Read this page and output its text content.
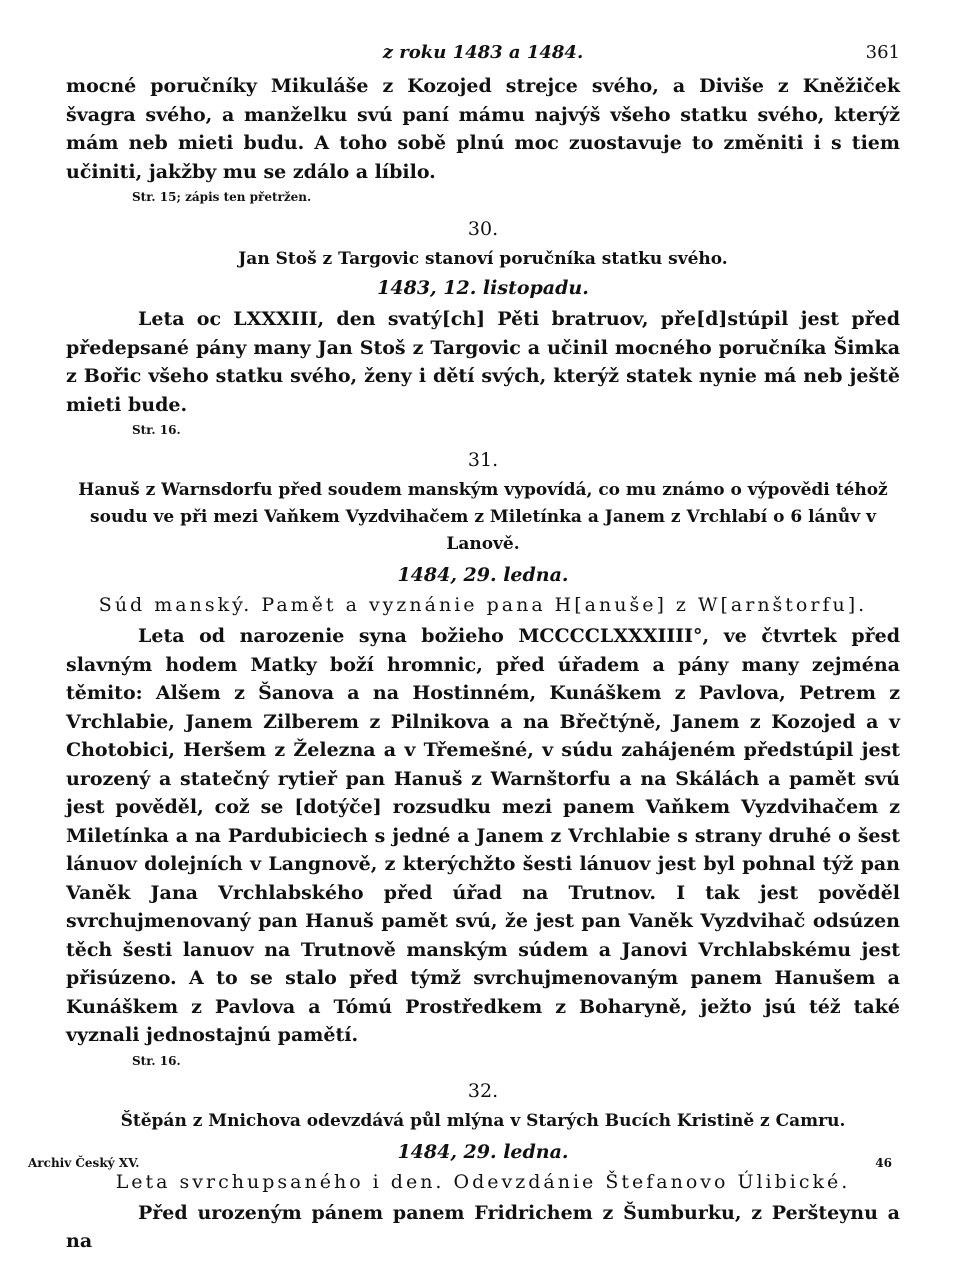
z roku 1483 a 1484.	361

mocné poručníky Mikuláše z Kozojed strejce svého, a Diviše z Kněžiček švagra svého, a manželku svú paní mámu najvýš všeho statku svého, kterýž mám neb mieti budu. A toho sobě plnú moc zuostavuje to změniti i s tiem učiniti, jakžby mu se zdálo a líbilo.

Str. 15; zápis ten přetržen.

30.

Jan Stoš z Targovic stanoví poručníka statku svého.

1483, 12. listopadu.

Leta οc LXXXIII, den svatý[ch] Pěti bratruov, pře[d]stúpil jest před předepsané pány many Jan Stoš z Targovic a učinil mocného poručníka Šimka z Bořic všeho statku svého, ženy i dětí svých, kterýž statek nynie má neb ještě mieti bude.

Str. 16.

31.

Hanuš z Warnsdorfu před soudem manským vypovídá, co mu známo o výpovědi téhož soudu ve při mezi Vaňkem Vyzdvihačem z Miletínka a Janem z Vrchlabí o 6 lánův v Lanově.

1484, 29. ledna.

Súd manský. Pamět a vyznánie pana H[anuše] z W[arnštorfu].

Leta od narozenie syna božieho MCCCCLXXXIIII°, ve čtvrtek před slavným hodem Matky boží hromnic, před úřadem a pány many zejména těmito: Alšem z Šanova a na Hostinném, Kunáškem z Pavlova, Petrem z Vrchlabie, Janem Zilberem z Pilnikova a na Břečtýně, Janem z Kozojed a v Chotobici, Heršem z Železna a v Třemešné, v súdu zahájeném předstúpil jest urozený a statečný rytieř pan Hanuš z Warnštorfu a na Skálách a pamět svú jest pověděl, což se [dotýče] rozsudku mezi panem Vaňkem Vyzdvihačem z Miletínka a na Pardubiciech s jedné a Janem z Vrchlabie s strany druhé o šest lánuov dolejních v Langnově, z kterýchžto šesti lánuov jest byl pohnal týž pan Vaněk Jana Vrchlabského před úřad na Trutnov. I tak jest pověděl svrchujmenovaný pan Hanuš pamět svú, že jest pan Vaněk Vyzdvihač odsúzen těch šesti lanuov na Trutnově manským súdem a Janovi Vrchlabskému jest přisúzeno. A to se stalo před týmž svrchujmenovaným panem Hanušem a Kunáškem z Pavlova a Tómú Prostředkem z Boharyně, ježto jsú též také vyznali jednostajnú pamětí.

Str. 16.

32.

Štěpán z Mnichova odevzdává půl mlýna v Starých Bucích Kristině z Camru.

1484, 29. ledna.

Leta svrchupsaného i den. Odevzdánie Štefanovo Úlibické.

Před urozeným pánem panem Fridrichem z Šumburku, z Peršteynu a na

Archiv Český XV.	46
